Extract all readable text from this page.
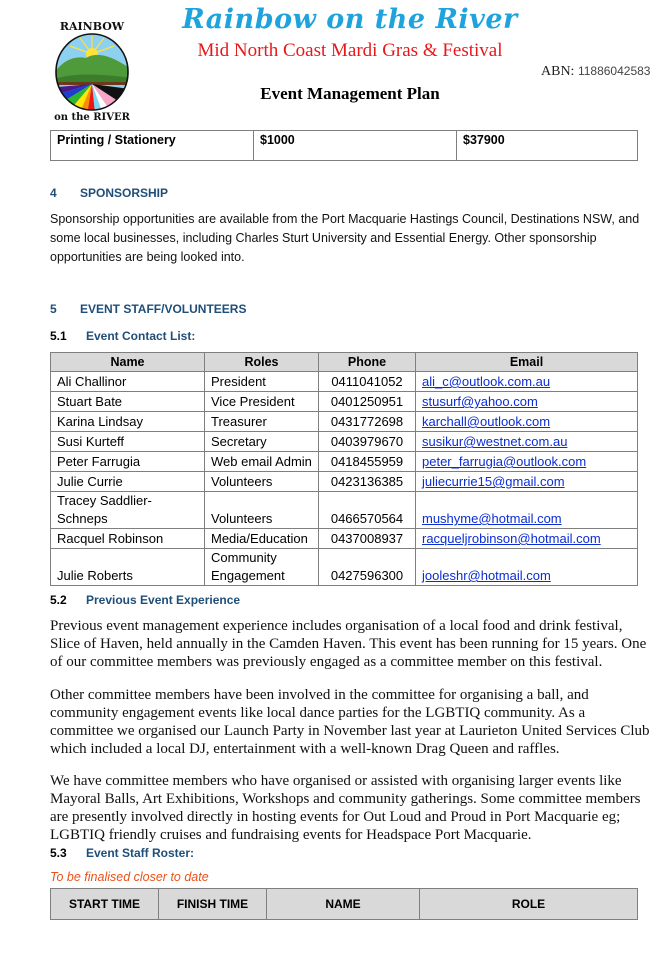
RAINBOW
on the RIVER
Rainbow on the River
Mid North Coast Mardi Gras & Festival
Event Management Plan
ABN: 11886042583
Printing / Stationery	$1000	$37900
4 SPONSORSHIP
Sponsorship opportunities are available from the Port Macquarie Hastings Council, Destinations NSW, and some local businesses, including Charles Sturt University and Essential Energy. Other sponsorship opportunities are being looked into.
5 EVENT STAFF/VOLUNTEERS
5.1 Event Contact List:
Name	Roles	Phone	Email
Ali Challinor	President	0411041052	ali_c@outlook.com.au
Stuart Bate	Vice President	0401250951	stusurf@yahoo.com
Karina Lindsay	Treasurer	0431772698	karchall@outlook.com
Susi Kurteff	Secretary	0403979670	susikur@westnet.com.au
Peter Farrugia	Web email Admin	0418455959	peter_farrugia@outlook.com
Julie Currie	Volunteers	0423136385	juliecurrie15@gmail.com
Tracey Saddlier-Schneps	Volunteers	0466570564	mushyme@hotmail.com
Racquel Robinson	Media/Education	0437008937	racqueljrobinson@hotmail.com
Julie Roberts	Community Engagement	0427596300	jooleshr@hotmail.com
5.2 Previous Event Experience
Previous event management experience includes organisation of a local food and drink festival, Slice of Haven, held annually in the Camden Haven. This event has been running for 15 years. One of our committee members was previously engaged as a committee member on this festival.
Other committee members have been involved in the committee for organising a ball, and community engagement events like local dance parties for the LGBTIQ community. As a committee we organised our Launch Party in November last year at Laurieton United Services Club which included a local DJ, entertainment with a well-known Drag Queen and raffles.
We have committee members who have organised or assisted with organising larger events like Mayoral Balls, Art Exhibitions, Workshops and community gatherings. Some committee members are presently involved directly in hosting events for Out Loud and Proud in Port Macquarie eg; LGBTIQ friendly cruises and fundraising events for Headspace Port Macquarie.
5.3 Event Staff Roster:
To be finalised closer to date
START TIME	FINISH TIME	NAME	ROLE
